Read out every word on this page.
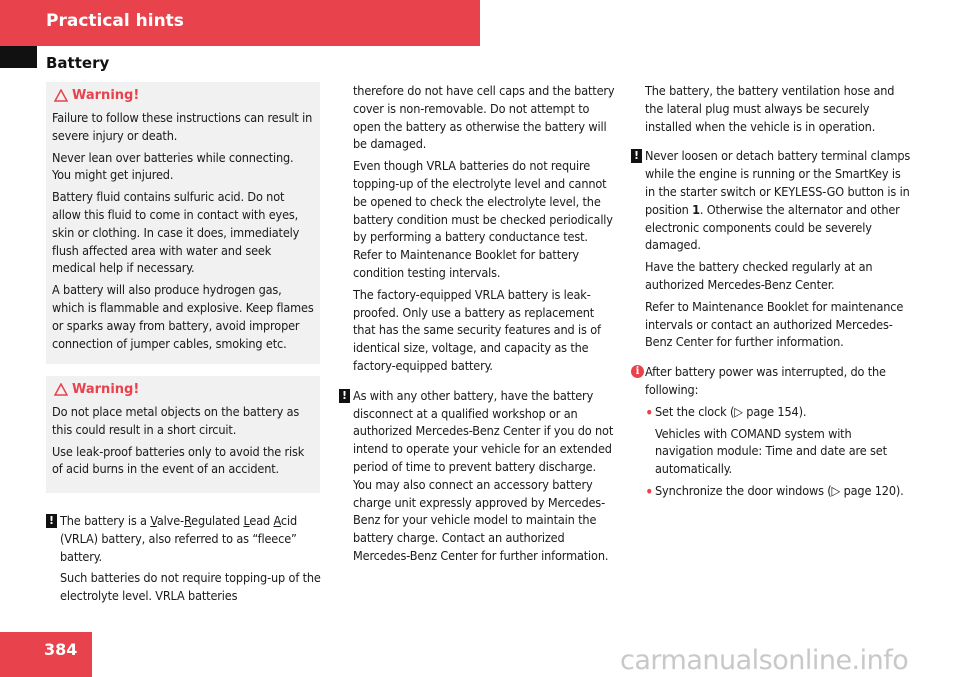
Practical hints
Battery
Warning!

Failure to follow these instructions can result in severe injury or death.

Never lean over batteries while connecting. You might get injured.

Battery fluid contains sulfuric acid. Do not allow this fluid to come in contact with eyes, skin or clothing. In case it does, immediately flush affected area with water and seek medical help if necessary.

A battery will also produce hydrogen gas, which is flammable and explosive. Keep flames or sparks away from battery, avoid improper connection of jumper cables, smoking etc.

Warning!

Do not place metal objects on the battery as this could result in a short circuit.

Use leak-proof batteries only to avoid the risk of acid burns in the event of an accident.

! The battery is a Valve-Regulated Lead Acid (VRLA) battery, also referred to as “fleece” battery.

Such batteries do not require topping-up of the electrolyte level. VRLA batteries

therefore do not have cell caps and the battery cover is non-removable. Do not attempt to open the battery as otherwise the battery will be damaged.

Even though VRLA batteries do not require topping-up of the electrolyte level and cannot be opened to check the electrolyte level, the battery condition must be checked periodically by performing a battery conductance test. Refer to Maintenance Booklet for battery condition testing intervals.

The factory-equipped VRLA battery is leak-proofed. Only use a battery as replacement that has the same security features and is of identical size, voltage, and capacity as the factory-equipped battery.

! As with any other battery, have the battery disconnect at a qualified workshop or an authorized Mercedes-Benz Center if you do not intend to operate your vehicle for an extended period of time to prevent battery discharge. You may also connect an accessory battery charge unit expressly approved by Mercedes-Benz for your vehicle model to maintain the battery charge. Contact an authorized Mercedes-Benz Center for further information.

The battery, the battery ventilation hose and the lateral plug must always be securely installed when the vehicle is in operation.

! Never loosen or detach battery terminal clamps while the engine is running or the SmartKey is in the starter switch or KEYLESS-GO button is in position 1. Otherwise the alternator and other electronic components could be severely damaged.

Have the battery checked regularly at an authorized Mercedes-Benz Center.

Refer to Maintenance Booklet for maintenance intervals or contact an authorized Mercedes-Benz Center for further information.

i After battery power was interrupted, do the following:

• Set the clock (▷ page 154).

Vehicles with COMAND system with navigation module: Time and date are set automatically.

• Synchronize the door windows (▷ page 120).

384	carmanualsonline.info
